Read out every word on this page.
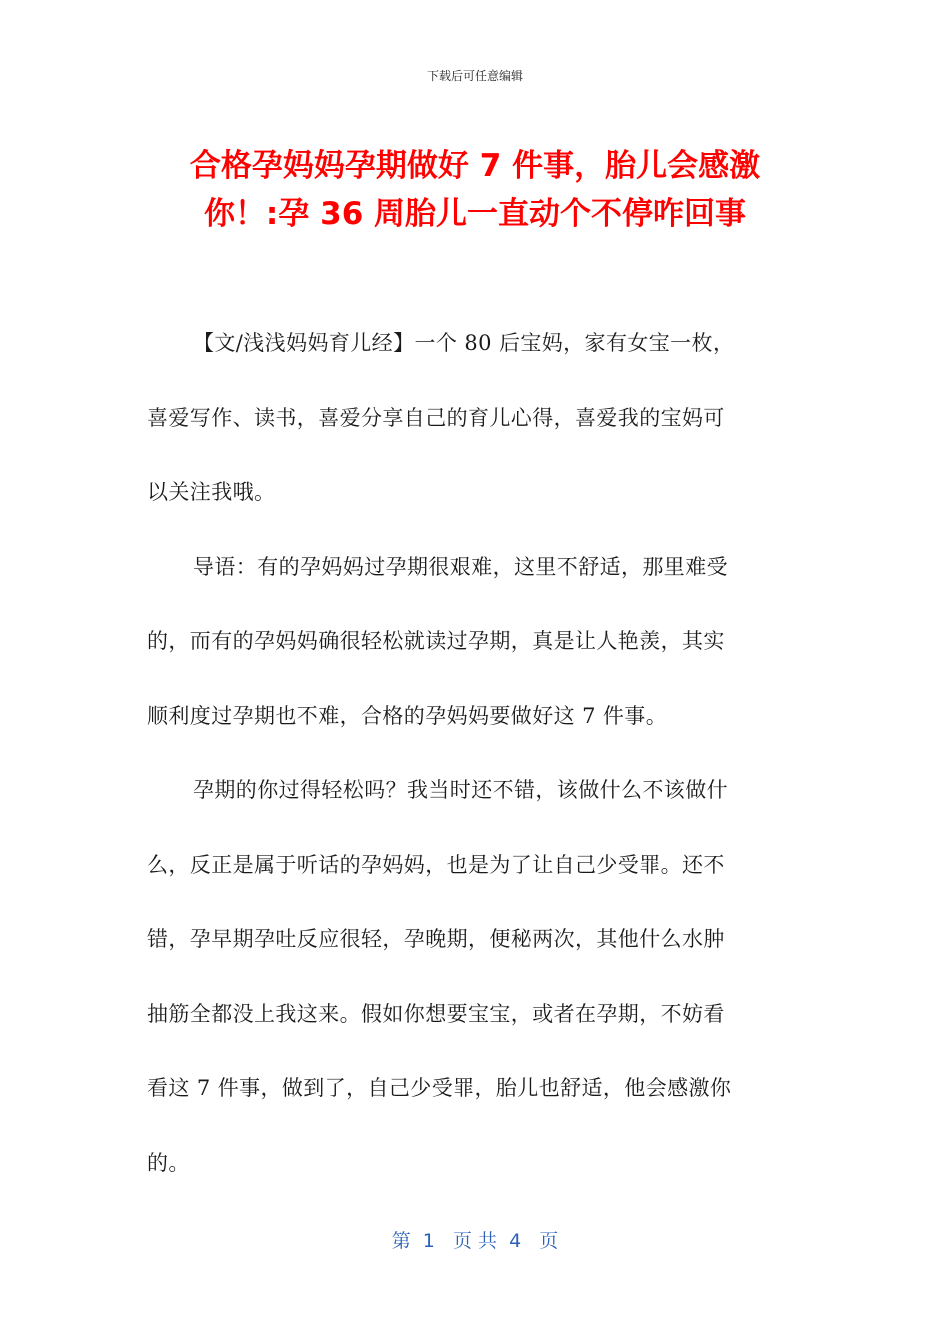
下载后可任意编辑
合格孕妈妈孕期做好 7 件事，胎儿会感激
你！:孕 36 周胎儿一直动个不停咋回事
【文/浅浅妈妈育儿经】一个 80 后宝妈，家有女宝一枚，
喜爱写作、读书，喜爱分享自己的育儿心得，喜爱我的宝妈可
以关注我哦。
导语：有的孕妈妈过孕期很艰难，这里不舒适，那里难受
的，而有的孕妈妈确很轻松就读过孕期，真是让人艳羡，其实
顺利度过孕期也不难，合格的孕妈妈要做好这 7 件事。
孕期的你过得轻松吗？我当时还不错，该做什么不该做什
么，反正是属于听话的孕妈妈，也是为了让自己少受罪。还不
错，孕早期孕吐反应很轻，孕晚期，便秘两次，其他什么水肿
抽筋全都没上我这来。假如你想要宝宝，或者在孕期，不妨看
看这 7 件事，做到了，自己少受罪，胎儿也舒适，他会感激你
的。
第  1   页 共  4   页
